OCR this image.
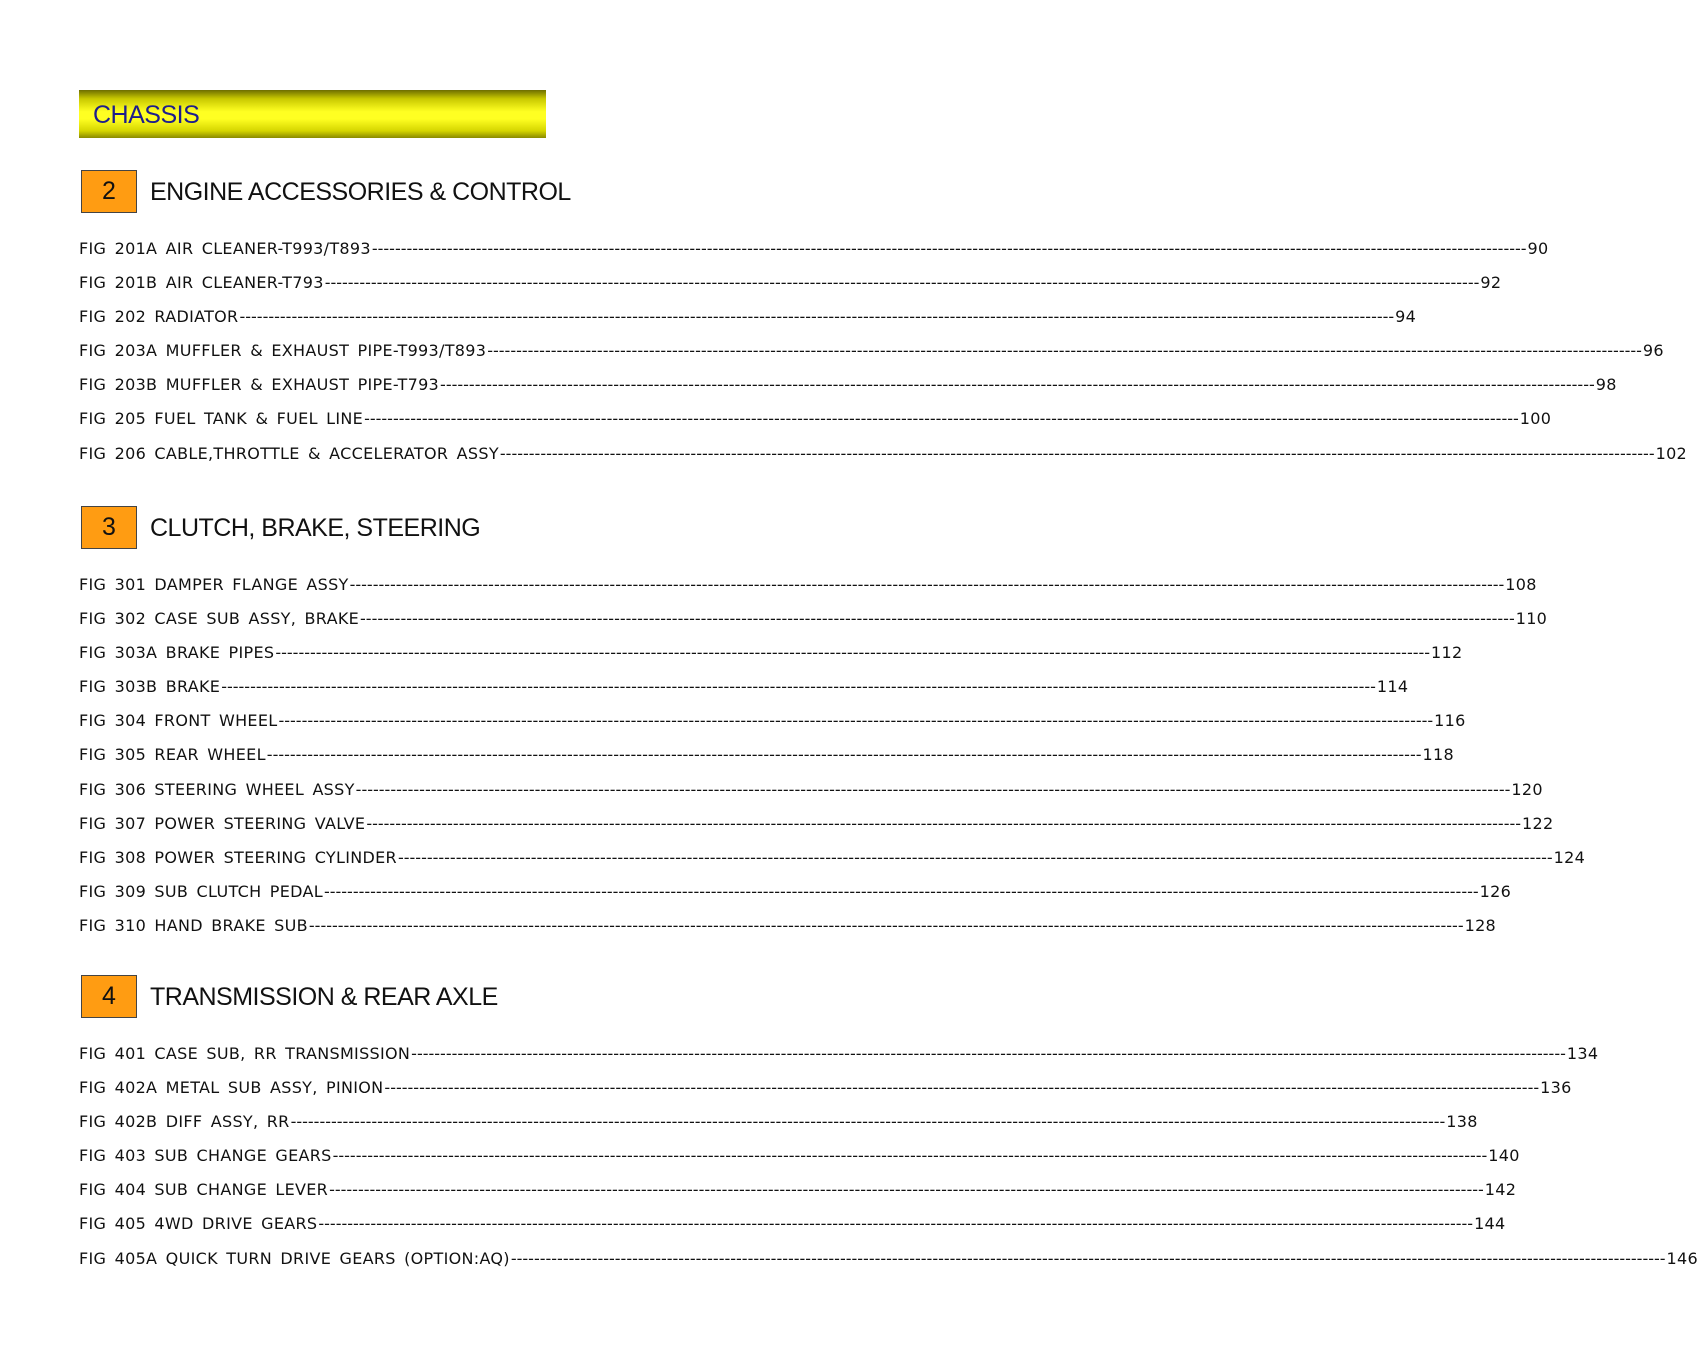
CHASSIS
2	ENGINE ACCESSORIES & CONTROL
FIG 201A AIR CLEANER-T993/T893 -------------------------------------------------------------------------------------------------------------------------------------------------------------------------------------------------------- 90
FIG 201B AIR CLEANER-T793 -------------------------------------------------------------------------------------------------------------------------------------------------------------------------------------------------------- 92
FIG 202 RADIATOR -------------------------------------------------------------------------------------------------------------------------------------------------------------------------------------------------------- 94
FIG 203A MUFFLER & EXHAUST PIPE-T993/T893 -------------------------------------------------------------------------------------------------------------------------------------------------------------------------------------------------------- 96
FIG 203B MUFFLER & EXHAUST PIPE-T793 -------------------------------------------------------------------------------------------------------------------------------------------------------------------------------------------------------- 98
FIG 205 FUEL TANK & FUEL LINE -------------------------------------------------------------------------------------------------------------------------------------------------------------------------------------------------------- 100
FIG 206 CABLE,THROTTLE & ACCELERATOR ASSY -------------------------------------------------------------------------------------------------------------------------------------------------------------------------------------------------------- 102
3	CLUTCH, BRAKE, STEERING
FIG 301 DAMPER FLANGE ASSY -------------------------------------------------------------------------------------------------------------------------------------------------------------------------------------------------------- 108
FIG 302 CASE SUB ASSY, BRAKE -------------------------------------------------------------------------------------------------------------------------------------------------------------------------------------------------------- 110
FIG 303A BRAKE PIPES -------------------------------------------------------------------------------------------------------------------------------------------------------------------------------------------------------- 112
FIG 303B BRAKE -------------------------------------------------------------------------------------------------------------------------------------------------------------------------------------------------------- 114
FIG 304 FRONT WHEEL -------------------------------------------------------------------------------------------------------------------------------------------------------------------------------------------------------- 116
FIG 305 REAR WHEEL -------------------------------------------------------------------------------------------------------------------------------------------------------------------------------------------------------- 118
FIG 306 STEERING WHEEL ASSY -------------------------------------------------------------------------------------------------------------------------------------------------------------------------------------------------------- 120
FIG 307 POWER STEERING VALVE -------------------------------------------------------------------------------------------------------------------------------------------------------------------------------------------------------- 122
FIG 308 POWER STEERING CYLINDER -------------------------------------------------------------------------------------------------------------------------------------------------------------------------------------------------------- 124
FIG 309 SUB CLUTCH PEDAL -------------------------------------------------------------------------------------------------------------------------------------------------------------------------------------------------------- 126
FIG 310 HAND BRAKE SUB -------------------------------------------------------------------------------------------------------------------------------------------------------------------------------------------------------- 128
4	TRANSMISSION & REAR AXLE
FIG 401 CASE SUB, RR TRANSMISSION -------------------------------------------------------------------------------------------------------------------------------------------------------------------------------------------------------- 134
FIG 402A METAL SUB ASSY, PINION -------------------------------------------------------------------------------------------------------------------------------------------------------------------------------------------------------- 136
FIG 402B DIFF ASSY, RR -------------------------------------------------------------------------------------------------------------------------------------------------------------------------------------------------------- 138
FIG 403 SUB CHANGE GEARS -------------------------------------------------------------------------------------------------------------------------------------------------------------------------------------------------------- 140
FIG 404 SUB CHANGE LEVER -------------------------------------------------------------------------------------------------------------------------------------------------------------------------------------------------------- 142
FIG 405 4WD DRIVE GEARS -------------------------------------------------------------------------------------------------------------------------------------------------------------------------------------------------------- 144
FIG 405A QUICK TURN DRIVE GEARS (OPTION:AQ) -------------------------------------------------------------------------------------------------------------------------------------------------------------------------------------------------------- 146
